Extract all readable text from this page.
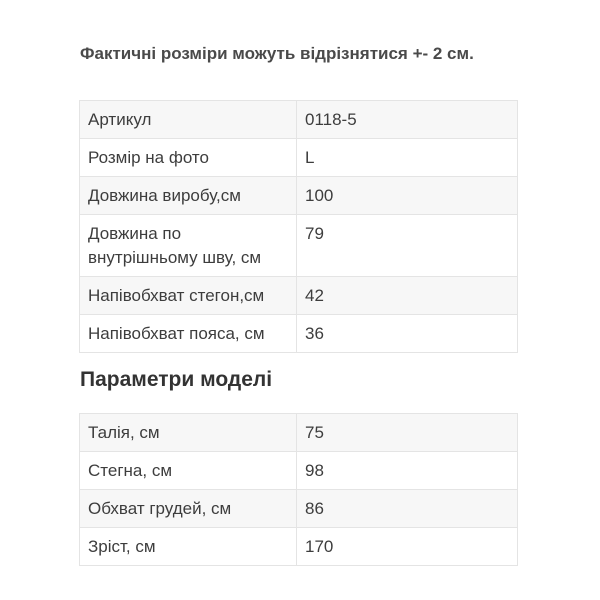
Фактичні розміри можуть відрізнятися +- 2 см.

Артикул	0118-5
Розмір на фото	L
Довжина виробу,см	100
Довжина по внутрішньому шву, см	79
Напівобхват стегон,см	42
Напівобхват пояса, см	36
Параметри моделі
Талія, см	75
Стегна, см	98
Обхват грудей, см	86
Зріст, см	170
